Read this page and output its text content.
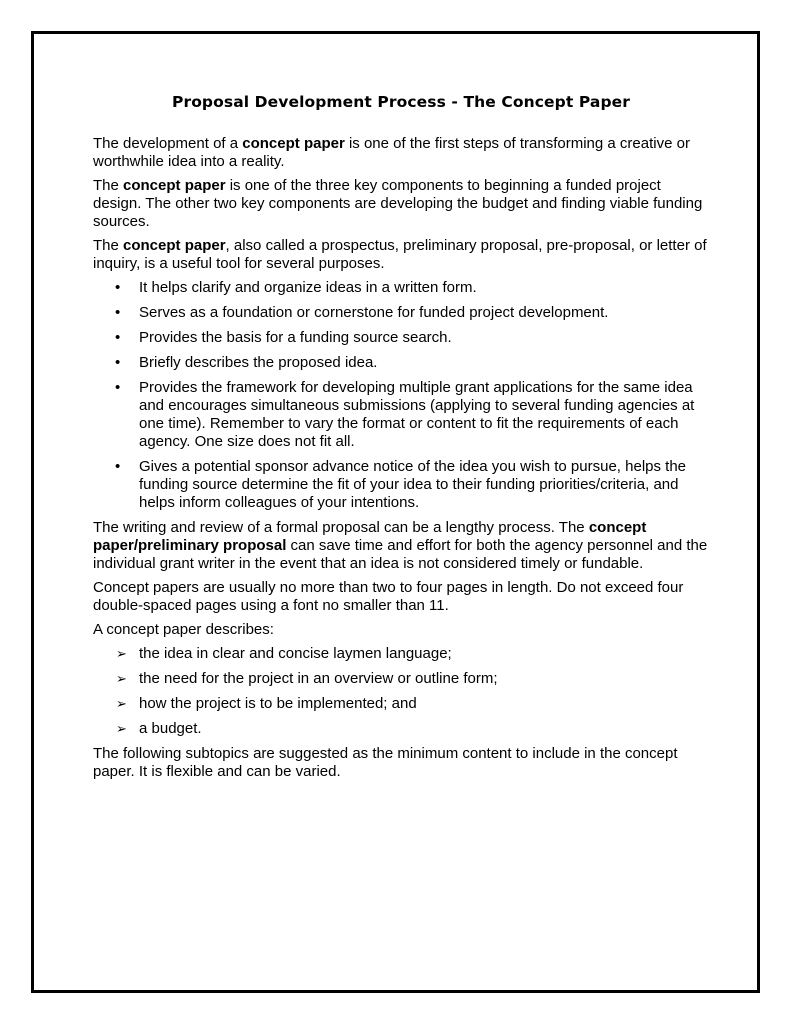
Proposal Development Process - The Concept Paper

The development of a concept paper is one of the first steps of transforming a creative or worthwhile idea into a reality.

The concept paper is one of the three key components to beginning a funded project design. The other two key components are developing the budget and finding viable funding sources.

The concept paper, also called a prospectus, preliminary proposal, pre-proposal, or letter of inquiry, is a useful tool for several purposes.

• It helps clarify and organize ideas in a written form.
• Serves as a foundation or cornerstone for funded project development.
• Provides the basis for a funding source search.
• Briefly describes the proposed idea.
• Provides the framework for developing multiple grant applications for the same idea and encourages simultaneous submissions (applying to several funding agencies at one time). Remember to vary the format or content to fit the requirements of each agency. One size does not fit all.
• Gives a potential sponsor advance notice of the idea you wish to pursue, helps the funding source determine the fit of your idea to their funding priorities/criteria, and helps inform colleagues of your intentions.

The writing and review of a formal proposal can be a lengthy process. The concept paper/preliminary proposal can save time and effort for both the agency personnel and the individual grant writer in the event that an idea is not considered timely or fundable.

Concept papers are usually no more than two to four pages in length. Do not exceed four double-spaced pages using a font no smaller than 11.

A concept paper describes:

➢ the idea in clear and concise laymen language;
➢ the need for the project in an overview or outline form;
➢ how the project is to be implemented; and
➢ a budget.

The following subtopics are suggested as the minimum content to include in the concept paper. It is flexible and can be varied.
